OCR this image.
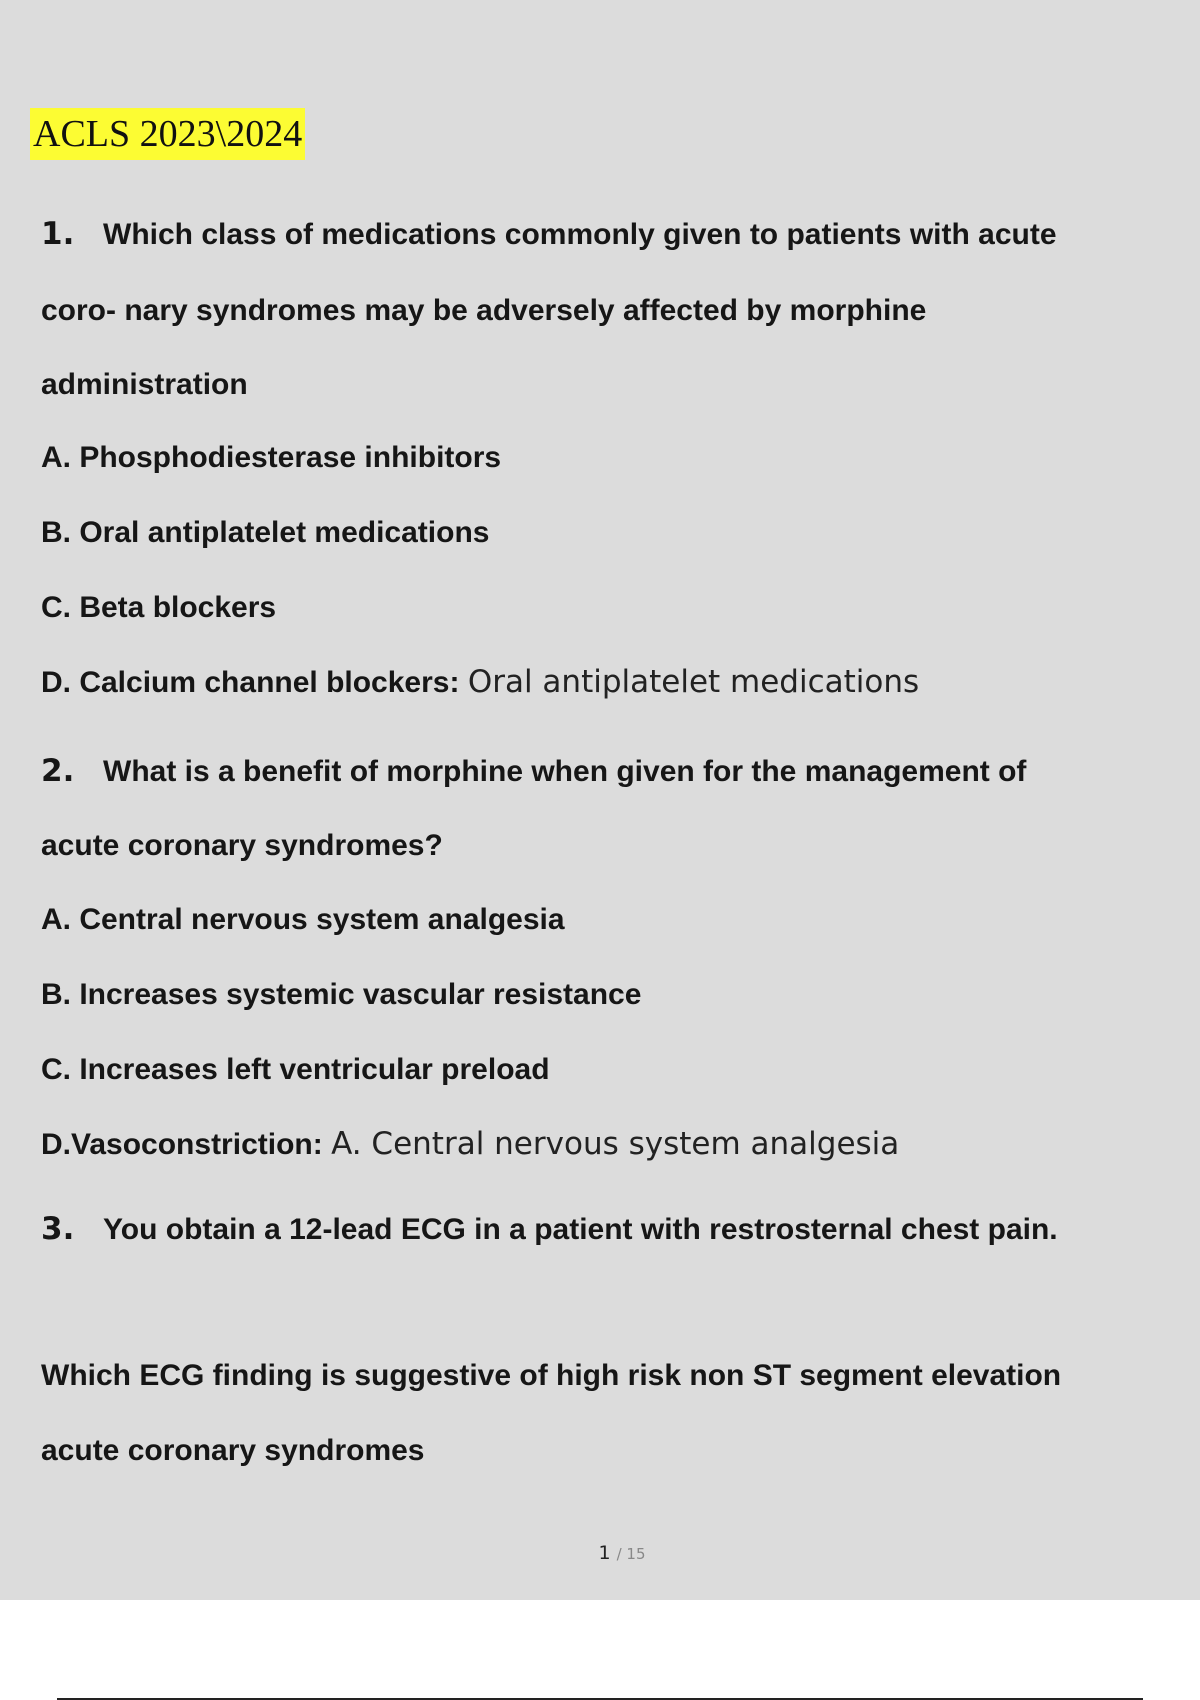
ACLS 2023\2024
1. Which class of medications commonly given to patients with acute
coro- nary syndromes may be adversely affected by morphine
administration
A. Phosphodiesterase inhibitors
B. Oral antiplatelet medications
C. Beta blockers
D. Calcium channel blockers: Oral antiplatelet medications
2. What is a benefit of morphine when given for the management of
acute coronary syndromes?
A. Central nervous system analgesia
B. Increases systemic vascular resistance
C. Increases left ventricular preload
D.Vasoconstriction: A. Central nervous system analgesia
3. You obtain a 12-lead ECG in a patient with restrosternal chest pain.
Which ECG finding is suggestive of high risk non ST segment elevation
acute coronary syndromes
1 / 15
